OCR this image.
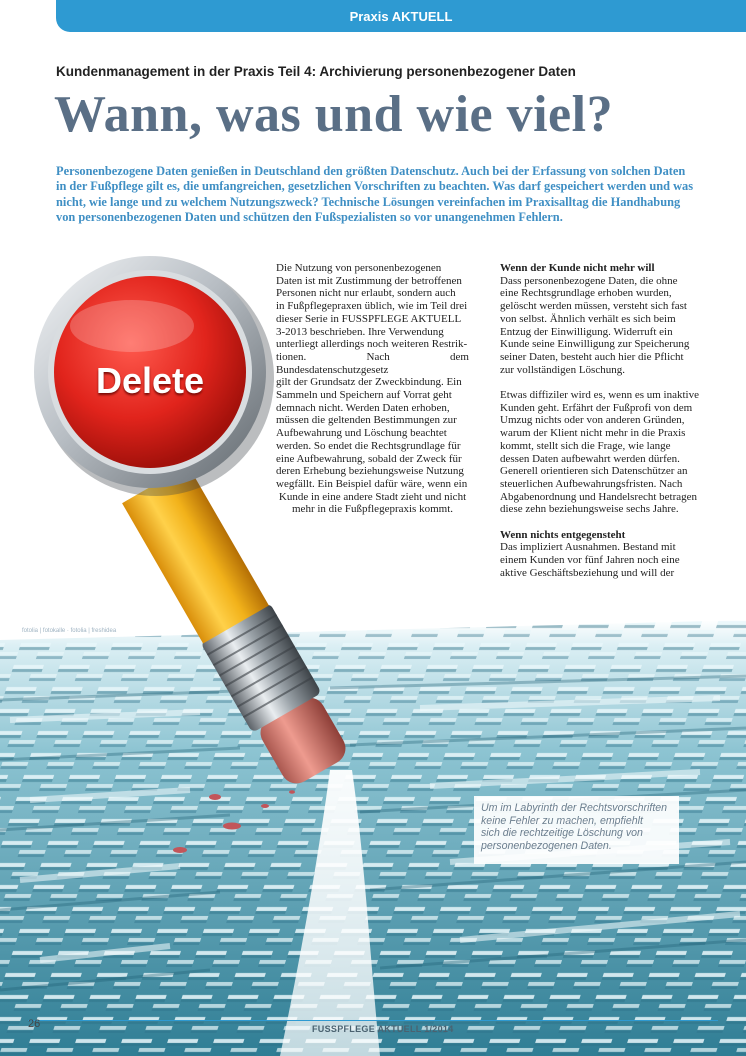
Praxis AKTUELL
Kundenmanagement in der Praxis Teil 4: Archivierung personenbezogener Daten
Wann, was und wie viel?
Personenbezogene Daten genießen in Deutschland den größten Datenschutz. Auch bei der Erfassung von solchen Daten
in der Fußpflege gilt es, die umfangreichen, gesetzlichen Vorschriften zu beachten. Was darf gespeichert werden und was
nicht, wie lange und zu welchem Nutzungszweck? Technische Lösungen vereinfachen im Praxisalltag die Handhabung
von personenbezogenen Daten und schützen den Fußspezialisten so vor unangenehmen Fehlern.
Delete

Die Nutzung von personenbezogenen

Daten ist mit Zustimmung der betroffenen

Personen nicht nur erlaubt, sondern auch

in Fußpflegepraxen üblich, wie im Teil drei

dieser Serie in FUSSPFLEGE AKTUELL

3-2013 beschrieben. Ihre Verwendung

unterliegt allerdings noch weiteren Restrik-

tionen. Nach dem Bundesdatenschutzgesetz

gilt der Grundsatz der Zweckbindung. Ein

Sammeln und Speichern auf Vorrat geht

demnach nicht. Werden Daten erhoben,

müssen die geltenden Bestimmungen zur

Aufbewahrung und Löschung beachtet

werden. So endet die Rechtsgrundlage für

eine Aufbewahrung, sobald der Zweck für

deren Erhebung beziehungsweise Nutzung

wegfällt. Ein Beispiel dafür wäre, wenn ein

Kunde in eine andere Stadt zieht und nicht

mehr in die Fußpflegepraxis kommt.

Wenn der Kunde nicht mehr will

Dass personenbezogene Daten, die ohne

eine Rechtsgrundlage erhoben wurden,

gelöscht werden müssen, versteht sich fast

von selbst. Ähnlich verhält es sich beim

Entzug der Einwilligung. Widerruft ein

Kunde seine Einwilligung zur Speicherung

seiner Daten, besteht auch hier die Pflicht

zur vollständigen Löschung.

Etwas diffiziler wird es, wenn es um inaktive

Kunden geht. Erfährt der Fußprofi von dem

Umzug nichts oder von anderen Gründen,

warum der Klient nicht mehr in die Praxis

kommt, stellt sich die Frage, wie lange

dessen Daten aufbewahrt werden dürfen.

Generell orientieren sich Datenschützer an

steuerlichen Aufbewahrungsfristen. Nach

Abgabenordnung und Handelsrecht betragen

diese zehn beziehungsweise sechs Jahre.

Wenn nichts entgegensteht

Das impliziert Ausnahmen. Bestand mit

einem Kunden vor fünf Jahren noch eine

aktive Geschäftsbeziehung und will der

fotolia | fotokalle · fotolia | freshidea
Um im Labyrinth der Rechtsvorschriften
keine Fehler zu machen, empfiehlt
sich die rechtzeitige Löschung von
personenbezogenen Daten.
26	FUSSPFLEGE AKTUELL 1/2014
